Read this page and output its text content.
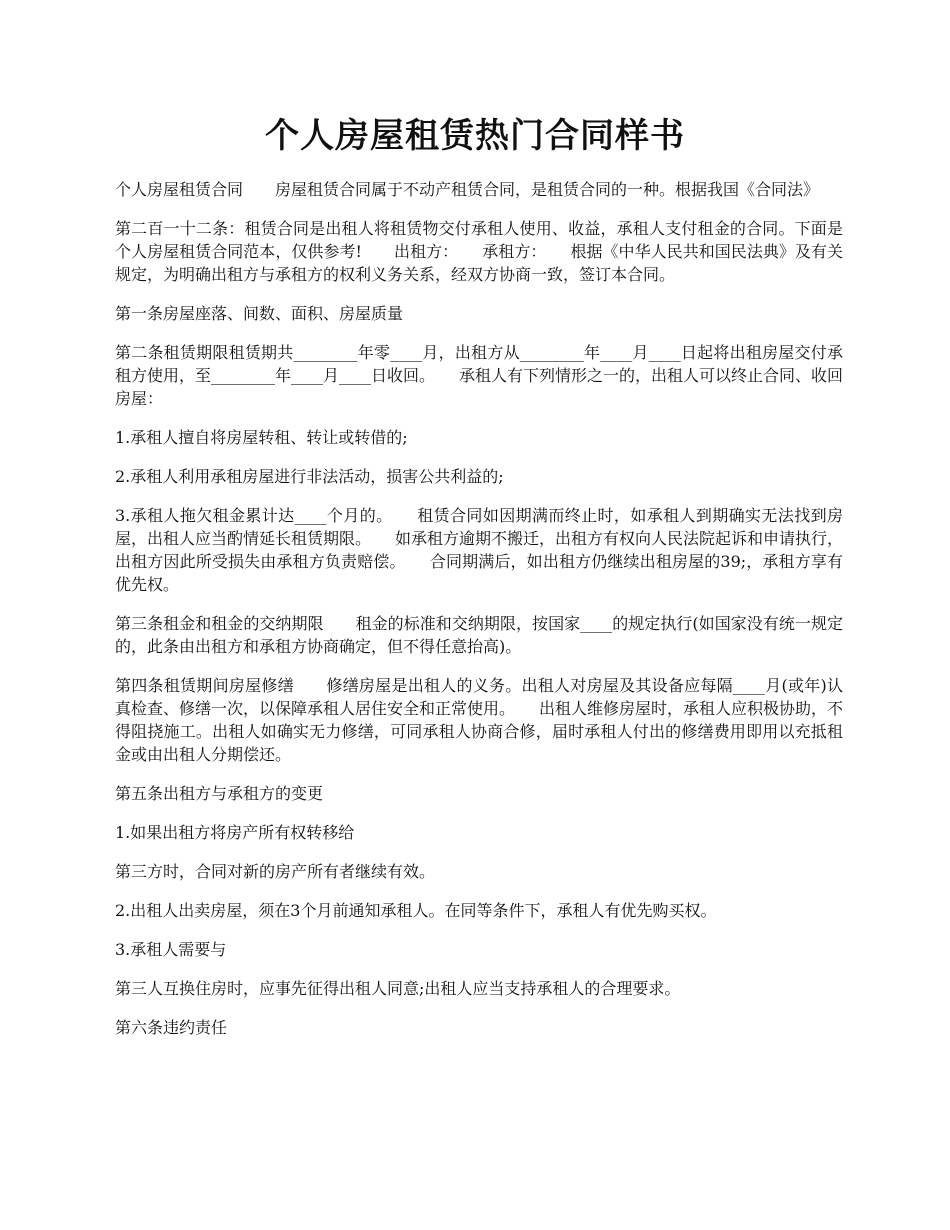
个人房屋租赁热门合同样书

个人房屋租赁合同　　房屋租赁合同属于不动产租赁合同，是租赁合同的一种。根据我国《合同法》

第二百一十二条：租赁合同是出租人将租赁物交付承租人使用、收益，承租人支付租金的合同。下面是个人房屋租赁合同范本，仅供参考!　　出租方：　　承租方：　　根据《中华人民共和国民法典》及有关规定，为明确出租方与承租方的权利义务关系，经双方协商一致，签订本合同。

第一条房屋座落、间数、面积、房屋质量

第二条租赁期限租赁期共________年零____月，出租方从________年____月____日起将出租房屋交付承租方使用，至________年____月____日收回。　　承租人有下列情形之一的，出租人可以终止合同、收回房屋：

1.承租人擅自将房屋转租、转让或转借的;

2.承租人利用承租房屋进行非法活动，损害公共利益的;

3.承租人拖欠租金累计达____个月的。　　租赁合同如因期满而终止时，如承租人到期确实无法找到房屋，出租人应当酌情延长租赁期限。　　如承租方逾期不搬迁，出租方有权向人民法院起诉和申请执行，出租方因此所受损失由承租方负责赔偿。　　合同期满后，如出租方仍继续出租房屋的39;，承租方享有优先权。

第三条租金和租金的交纳期限　　租金的标准和交纳期限，按国家____的规定执行(如国家没有统一规定的，此条由出租方和承租方协商确定，但不得任意抬高)。

第四条租赁期间房屋修缮　　修缮房屋是出租人的义务。出租人对房屋及其设备应每隔____月(或年)认真检查、修缮一次，以保障承租人居住安全和正常使用。　　出租人维修房屋时，承租人应积极协助，不得阻挠施工。出租人如确实无力修缮，可同承租人协商合修，届时承租人付出的修缮费用即用以充抵租金或由出租人分期偿还。

第五条出租方与承租方的变更

1.如果出租方将房产所有权转移给

第三方时，合同对新的房产所有者继续有效。

2.出租人出卖房屋，须在3个月前通知承租人。在同等条件下，承租人有优先购买权。

3.承租人需要与

第三人互换住房时，应事先征得出租人同意;出租人应当支持承租人的合理要求。

第六条违约责任
